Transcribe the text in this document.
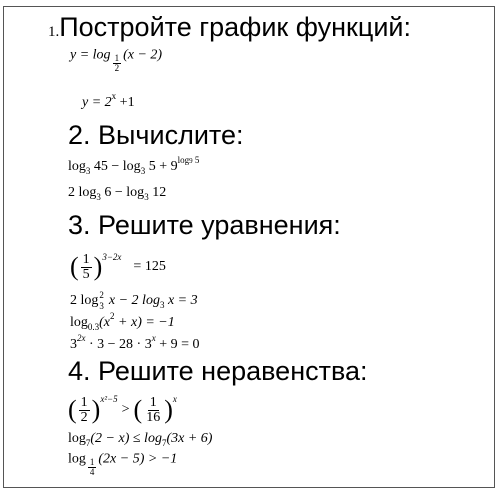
1.Постройте график функций:
$y = \log \frac{1}{2} (x - 2)$
$y = 2^x +1$
2. Вычислите:
$\log_3 45 - \log_3 5 + 9^{log9 5}$
2 $\log_3 6 - \log_3 12$
3. Решите уравнения:
( $\frac{1}{5}$ ) 3−2x
= 125
2 log 2
3 x − 2 $\log_3 x = 3$
$\log_{0.3}(x^2 + x) = -1$
$3^{2x} \cdot 3 - 28 \cdot 3^x + 9 = 0$
4. Решите неравенства:
( $\frac{1}{2}$ ) x²−5
> ( $\frac{1}{16}$ ) x
$\log_7(2 - x) \le \log_7(3x + 6)$
$\log \frac{1}{4} (2x - 5) > -1$
